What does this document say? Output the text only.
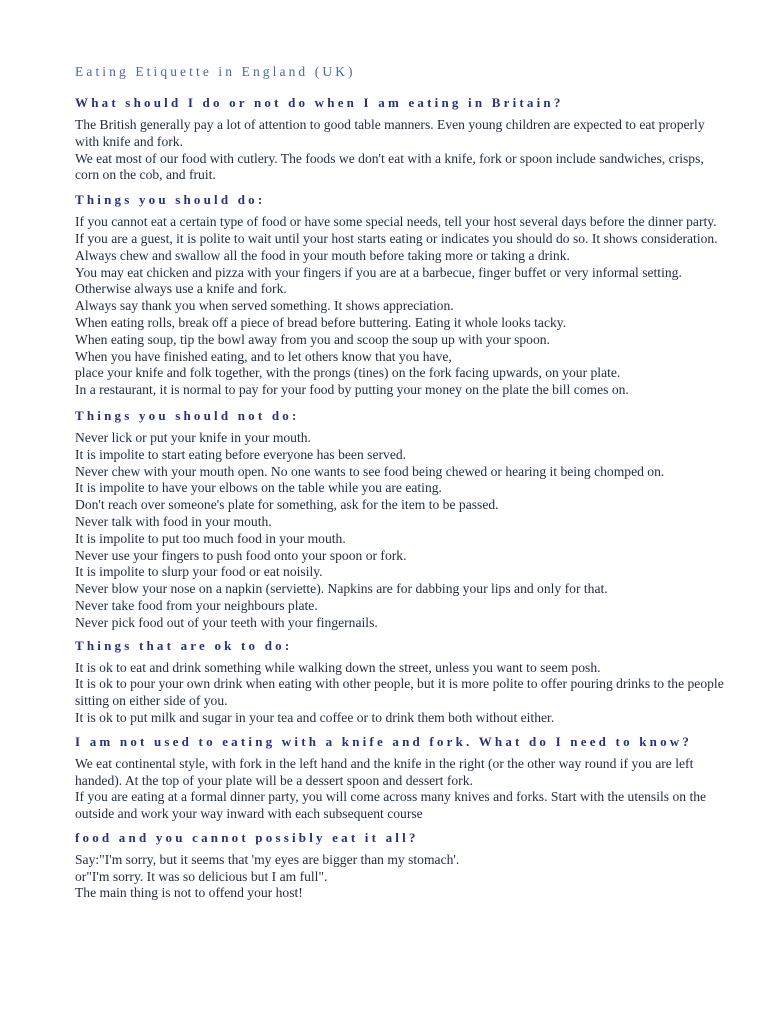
Eating Etiquette in England (UK)
What should I do or not do when I am eating in Britain?

The British generally pay a lot of attention to good table manners. Even young children are expected to eat properly with knife and fork.

We eat most of our food with cutlery. The foods we don't eat with a knife, fork or spoon include sandwiches, crisps, corn on the cob, and fruit.

Things you should do:

If you cannot eat a certain type of food or have some special needs, tell your host several days before the dinner party.

If you are a guest, it is polite to wait until your host starts eating or indicates you should do so. It shows consideration.

Always chew and swallow all the food in your mouth before taking more or taking a drink.

You may eat chicken and pizza with your fingers if you are at a barbecue, finger buffet or very informal setting. Otherwise always use a knife and fork.

Always say thank you when served something. It shows appreciation.

When eating rolls, break off a piece of bread before buttering. Eating it whole looks tacky.

When eating soup, tip the bowl away from you and scoop the soup up with your spoon.

When you have finished eating, and to let others know that you have,

place your knife and folk together, with the prongs (tines) on the fork facing upwards, on your plate.

In a restaurant, it is normal to pay for your food by putting your money on the plate the bill comes on.

Things you should not do:

Never lick or put your knife in your mouth.

It is impolite to start eating before everyone has been served.

Never chew with your mouth open. No one wants to see food being chewed or hearing it being chomped on.

It is impolite to have your elbows on the table while you are eating.

Don't reach over someone's plate for something, ask for the item to be passed.

Never talk with food in your mouth.

It is impolite to put too much food in your mouth.

Never use your fingers to push food onto your spoon or fork.

It is impolite to slurp your food or eat noisily.

Never blow your nose on a napkin (serviette). Napkins are for dabbing your lips and only for that.

Never take food from your neighbours plate.

Never pick food out of your teeth with your fingernails.

Things that are ok to do:

It is ok to eat and drink something while walking down the street, unless you want to seem posh.

It is ok to pour your own drink when eating with other people, but it is more polite to offer pouring drinks to the people sitting on either side of you.

It is ok to put milk and sugar in your tea and coffee or to drink them both without either.

I am not used to eating with a knife and fork. What do I need to know?

We eat continental style, with fork in the left hand and the knife in the right (or the other way round if you are left handed). At the top of your plate will be a dessert spoon and dessert fork.

If you are eating at a formal dinner party, you will come across many knives and forks. Start with the utensils on the outside and work your way inward with each subsequent course

food and you cannot possibly eat it all?

Say:"I'm sorry, but it seems that 'my eyes are bigger than my stomach'.

or"I'm sorry. It was so delicious but I am full".

The main thing is not to offend your host!
